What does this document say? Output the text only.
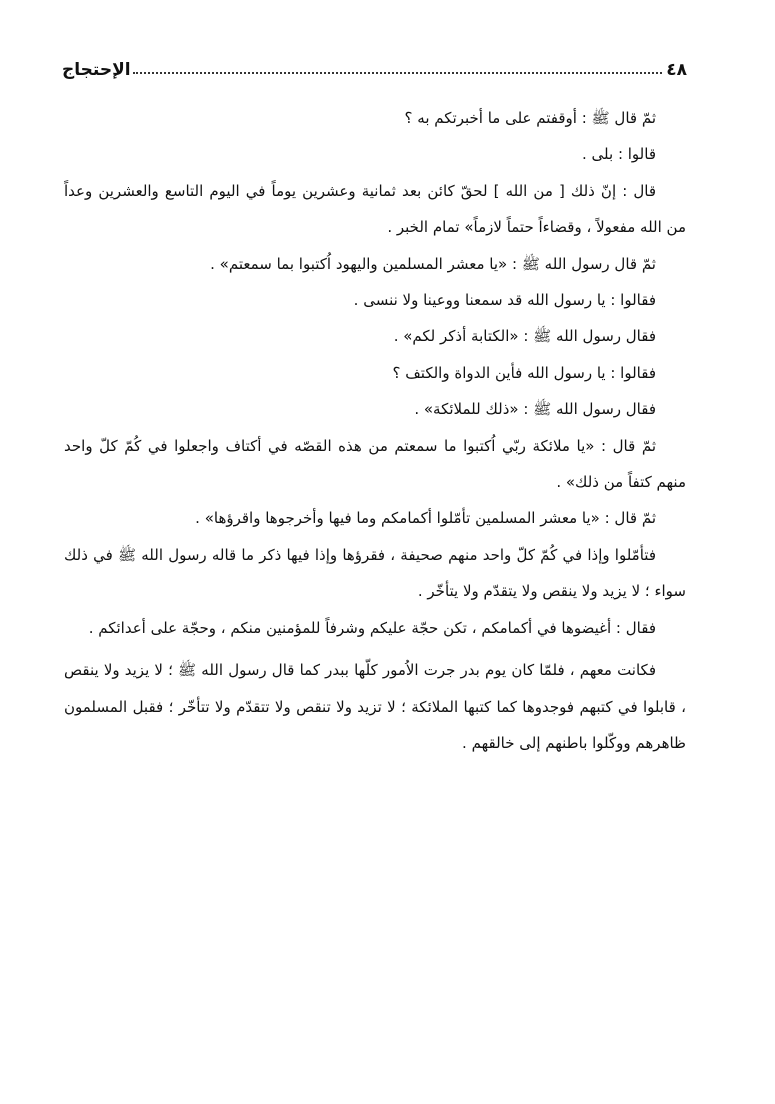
٤٨
الإحتجاج

ثمّ قال ﷺ : أوقفتم على ما أخبرتكم به ؟

قالوا : بلى .

قال : إنّ ذلك [ من الله ] لحقّ كائن بعد ثمانية وعشرين يوماً في اليوم التاسع والعشرين وعداً من الله مفعولاً ، وقضاءاً حتماً لازماً» تمام الخبر .

ثمّ قال رسول الله ﷺ : «يا معشر المسلمين واليهود اُكتبوا بما سمعتم» .

فقالوا : يا رسول الله قد سمعنا ووعينا ولا ننسى .

فقال رسول الله ﷺ : «الكتابة أذكر لكم» .

فقالوا : يا رسول الله فأين الدواة والكتف ؟

فقال رسول الله ﷺ : «ذلك للملائكة» .

ثمّ قال : «يا ملائكة ربّي اُكتبوا ما سمعتم من هذه القصّه في أكتاف واجعلوا في كُمّ كلّ واحد منهم كتفاً من ذلك» .

ثمّ قال : «يا معشر المسلمين تأمّلوا أكمامكم وما فيها وأخرجوها واقرؤها» .

فتأمّلوا وإذا في كُمّ كلّ واحد منهم صحيفة ، فقرؤها وإذا فيها ذكر ما قاله رسول الله ﷺ في ذلك سواء ؛ لا يزيد ولا ينقص ولا يتقدّم ولا يتأخّر .

فقال : أغيضوها في أكمامكم ، تكن حجّة عليكم وشرفاً للمؤمنين منكم ، وحجّة على أعدائكم .

فكانت معهم ، فلمّا كان يوم بدر جرت الاُمور كلّها ببدر كما قال رسول الله ﷺ ؛ لا يزيد ولا ينقص ، قابلوا في كتبهم فوجدوها كما كتبها الملائكة ؛ لا تزيد ولا تنقص ولا تتقدّم ولا تتأخّر ؛ فقبل المسلمون ظاهرهم ووكّلوا باطنهم إلى خالقهم .
